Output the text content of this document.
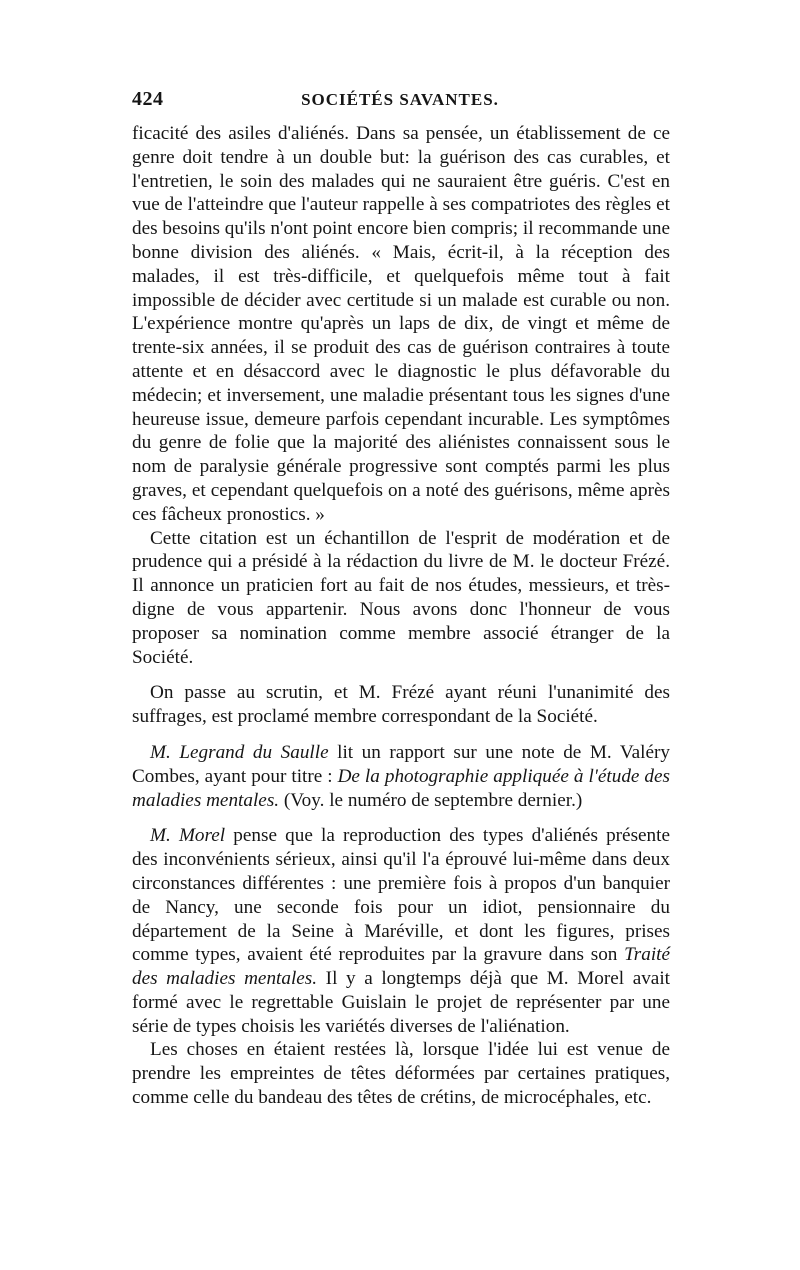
424	SOCIÉTÉS SAVANTES.

ficacité des asiles d'aliénés. Dans sa pensée, un établissement de ce genre doit tendre à un double but: la guérison des cas curables, et l'entretien, le soin des malades qui ne sauraient être guéris. C'est en vue de l'atteindre que l'auteur rappelle à ses compatriotes des règles et des besoins qu'ils n'ont point encore bien compris; il recommande une bonne division des aliénés. « Mais, écrit-il, à la réception des malades, il est très-difficile, et quelquefois même tout à fait impossible de décider avec certitude si un malade est curable ou non. L'expérience montre qu'après un laps de dix, de vingt et même de trente-six années, il se produit des cas de guérison contraires à toute attente et en désaccord avec le diagnostic le plus défavorable du médecin; et inversement, une maladie présentant tous les signes d'une heureuse issue, demeure parfois cependant incurable. Les symptômes du genre de folie que la majorité des aliénistes connaissent sous le nom de paralysie générale progressive sont comptés parmi les plus graves, et cependant quelquefois on a noté des guérisons, même après ces fâcheux pronostics. »

Cette citation est un échantillon de l'esprit de modération et de prudence qui a présidé à la rédaction du livre de M. le docteur Frézé. Il annonce un praticien fort au fait de nos études, messieurs, et très-digne de vous appartenir. Nous avons donc l'honneur de vous proposer sa nomination comme membre associé étranger de la Société.

On passe au scrutin, et M. Frézé ayant réuni l'unanimité des suffrages, est proclamé membre correspondant de la Société.

M. Legrand du Saulle lit un rapport sur une note de M. Valéry Combes, ayant pour titre : De la photographie appliquée à l'étude des maladies mentales. (Voy. le numéro de septembre dernier.)

M. Morel pense que la reproduction des types d'aliénés présente des inconvénients sérieux, ainsi qu'il l'a éprouvé lui-même dans deux circonstances différentes : une première fois à propos d'un banquier de Nancy, une seconde fois pour un idiot, pensionnaire du département de la Seine à Maréville, et dont les figures, prises comme types, avaient été reproduites par la gravure dans son Traité des maladies mentales. Il y a longtemps déjà que M. Morel avait formé avec le regrettable Guislain le projet de représenter par une série de types choisis les variétés diverses de l'aliénation.

Les choses en étaient restées là, lorsque l'idée lui est venue de prendre les empreintes de têtes déformées par certaines pratiques, comme celle du bandeau des têtes de crétins, de microcéphales, etc.
